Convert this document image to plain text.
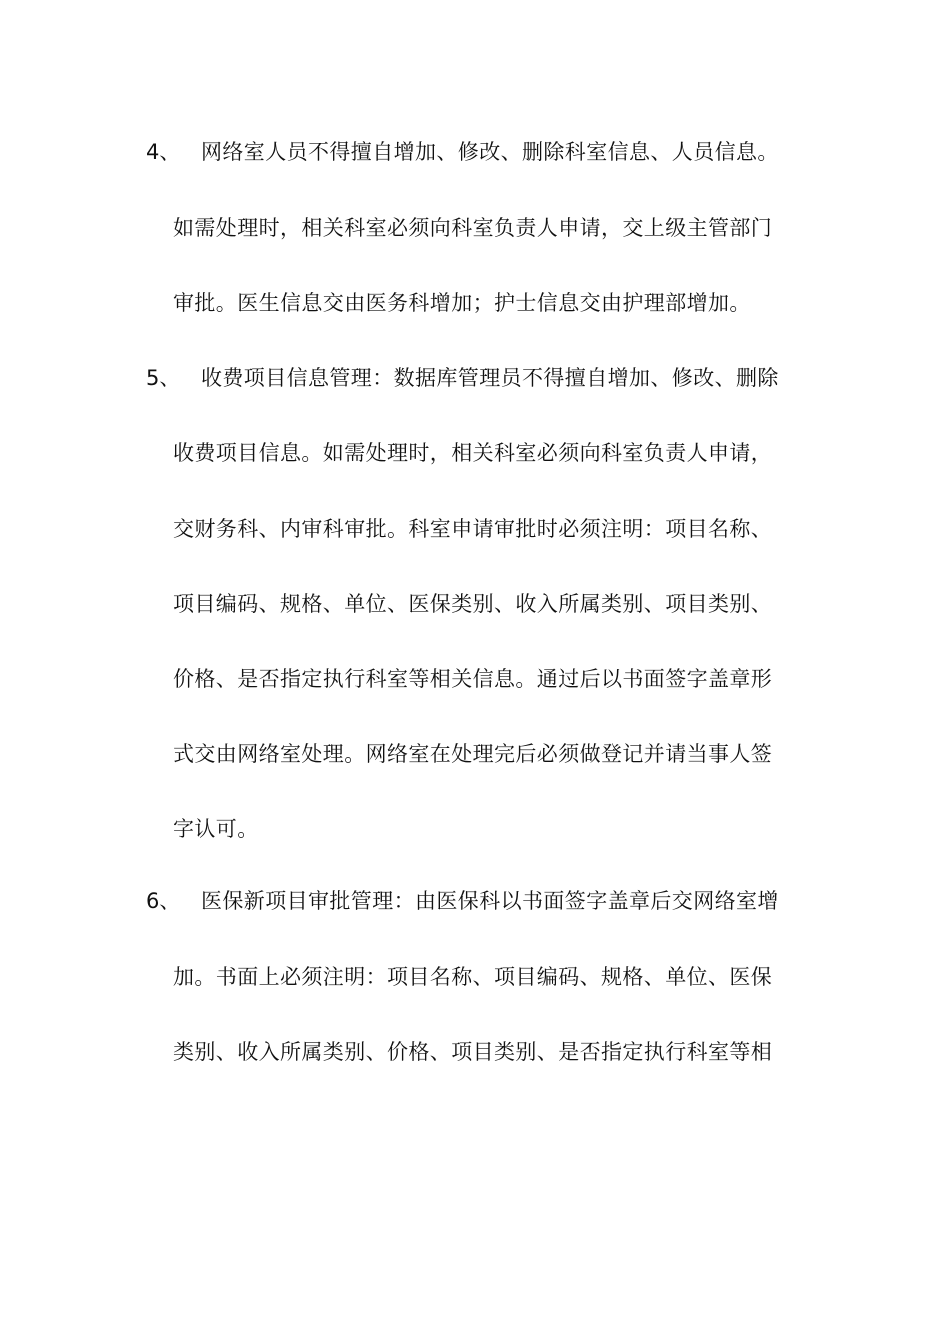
4、 网络室人员不得擅自增加、修改、删除科室信息、人员信息。
如需处理时，相关科室必须向科室负责人申请，交上级主管部门
审批。医生信息交由医务科增加；护士信息交由护理部增加。
5、 收费项目信息管理：数据库管理员不得擅自增加、修改、删除
收费项目信息。如需处理时，相关科室必须向科室负责人申请，
交财务科、内审科审批。科室申请审批时必须注明：项目名称、
项目编码、规格、单位、医保类别、收入所属类别、项目类别、
价格、是否指定执行科室等相关信息。通过后以书面签字盖章形
式交由网络室处理。网络室在处理完后必须做登记并请当事人签
字认可。
6、 医保新项目审批管理：由医保科以书面签字盖章后交网络室增
加。书面上必须注明：项目名称、项目编码、规格、单位、医保
类别、收入所属类别、价格、项目类别、是否指定执行科室等相
